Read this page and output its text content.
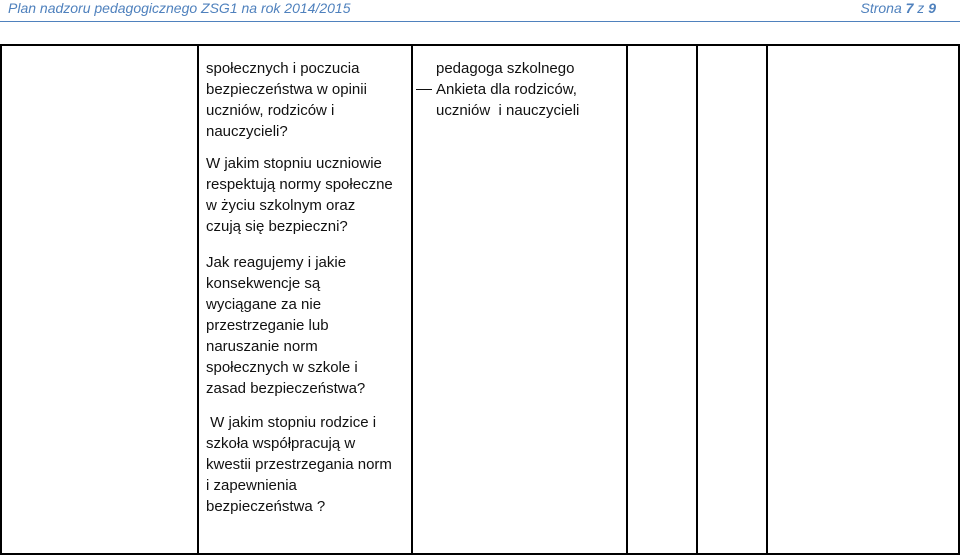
Plan nadzoru pedagogicznego ZSG1 na rok 2014/2015	Strona 7 z 9
społecznych i poczucia
bezpieczeństwa w opinii
uczniów, rodziców i
nauczycieli?
W jakim stopniu uczniowie
respektują normy społeczne
w życiu szkolnym oraz
czują się bezpieczni?
Jak reagujemy i jakie
konsekwencje są
wyciągane za nie
przestrzeganie lub
naruszanie norm
społecznych w szkole i
zasad bezpieczeństwa?
W jakim stopniu rodzice i
szkoła współpracują w
kwestii przestrzegania norm
i zapewnienia
bezpieczeństwa ?
pedagoga szkolnego
Ankieta dla rodziców,
uczniów  i nauczycieli
